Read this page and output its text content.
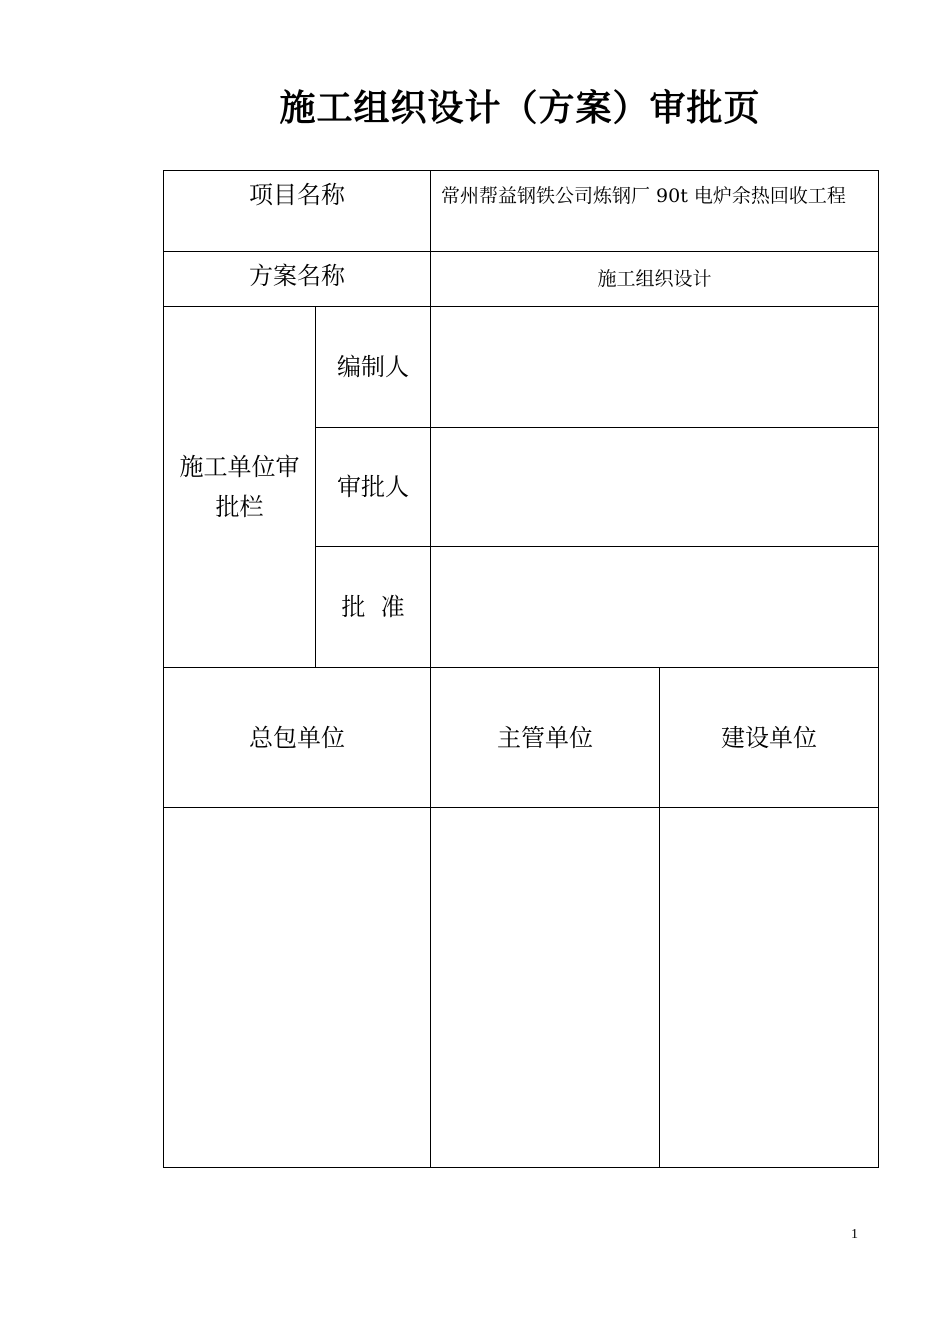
施工组织设计（方案）审批页
项目名称		常州帮益钢铁公司炼钢厂 90t 电炉余热回收工程	
方案名称		施工组织设计	
施工单位审批栏	编制人		
	审批人		
	批  准		
总包单位		主管单位	建设单位

1
